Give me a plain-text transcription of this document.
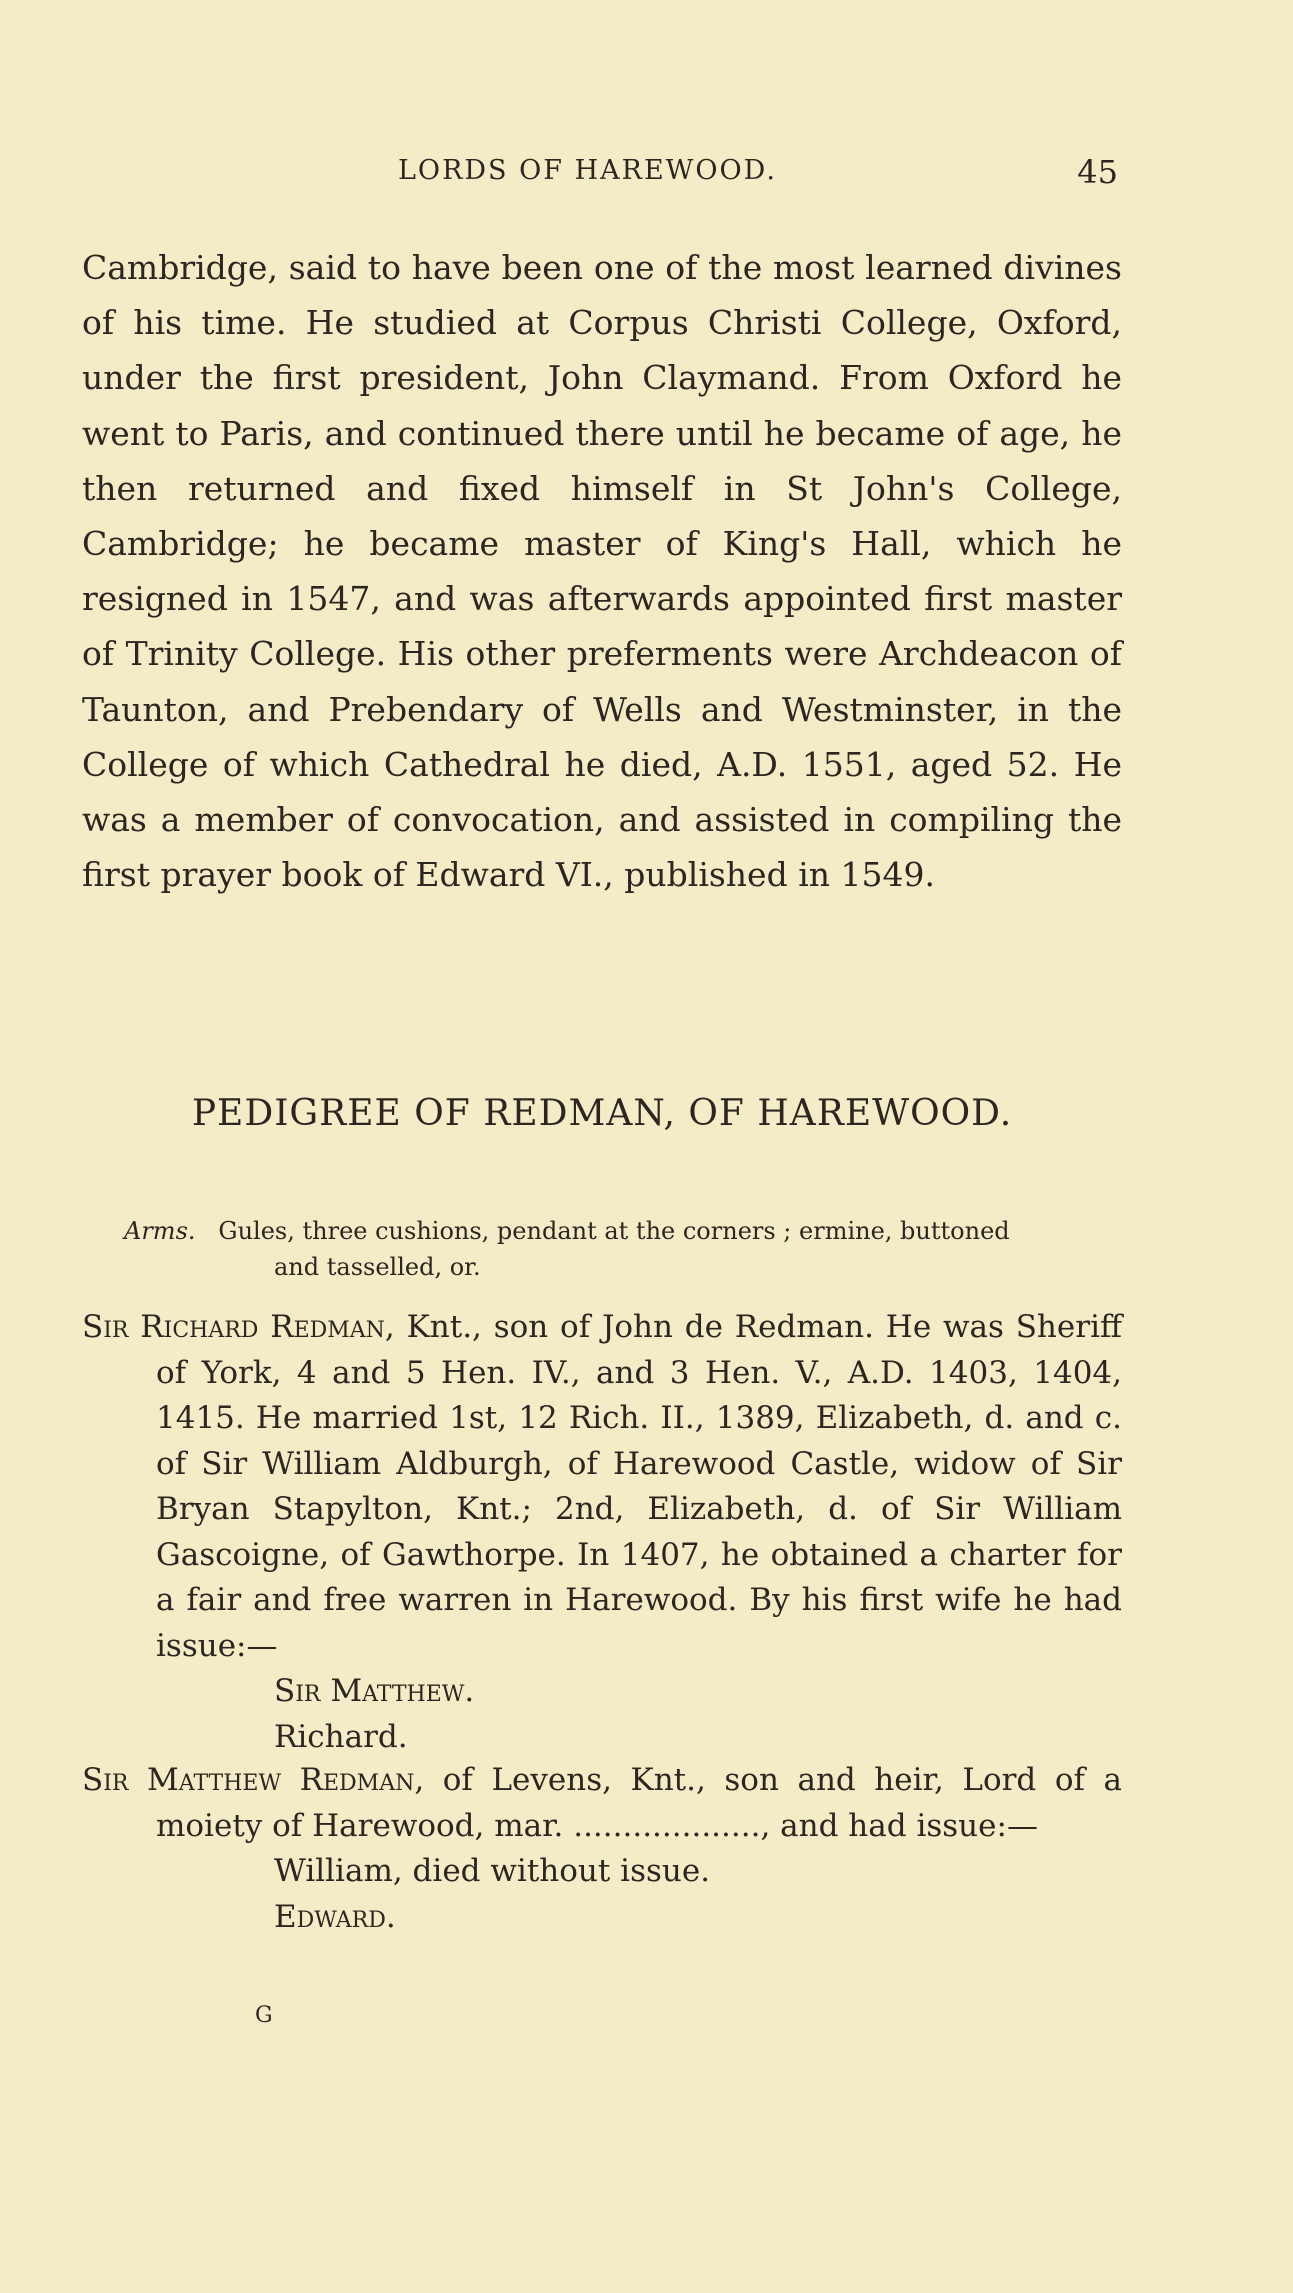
LORDS OF HAREWOOD.	45
Cambridge, said to have been one of the most learned divines of his time. He studied at Corpus Christi College, Oxford, under the first president, John Claymand. From Oxford he went to Paris, and continued there until he became of age, he then returned and fixed himself in St John's College, Cambridge; he became master of King's Hall, which he resigned in 1547, and was afterwards appointed first master of Trinity College. His other preferments were Archdeacon of Taunton, and Prebendary of Wells and Westminster, in the College of which Cathedral he died, A.D. 1551, aged 52. He was a member of convocation, and assisted in compiling the first prayer book of Edward VI., published in 1549.
PEDIGREE OF REDMAN, OF HAREWOOD.
Arms. Gules, three cushions, pendant at the corners ; ermine, buttoned
and tasselled, or.
Sir Richard Redman, Knt., son of John de Redman. He was Sheriff of York, 4 and 5 Hen. IV., and 3 Hen. V., A.D. 1403, 1404, 1415. He married 1st, 12 Rich. II., 1389, Elizabeth, d. and c. of Sir William Aldburgh, of Harewood Castle, widow of Sir Bryan Stapylton, Knt.; 2nd, Elizabeth, d. of Sir William Gascoigne, of Gawthorpe. In 1407, he obtained a charter for a fair and free warren in Harewood. By his first wife he had issue:—
Sir Matthew.
Richard.
Sir Matthew Redman, of Levens, Knt., son and heir, Lord of a moiety of Harewood, mar. ..................., and had issue:—
William, died without issue.
Edward.
G
